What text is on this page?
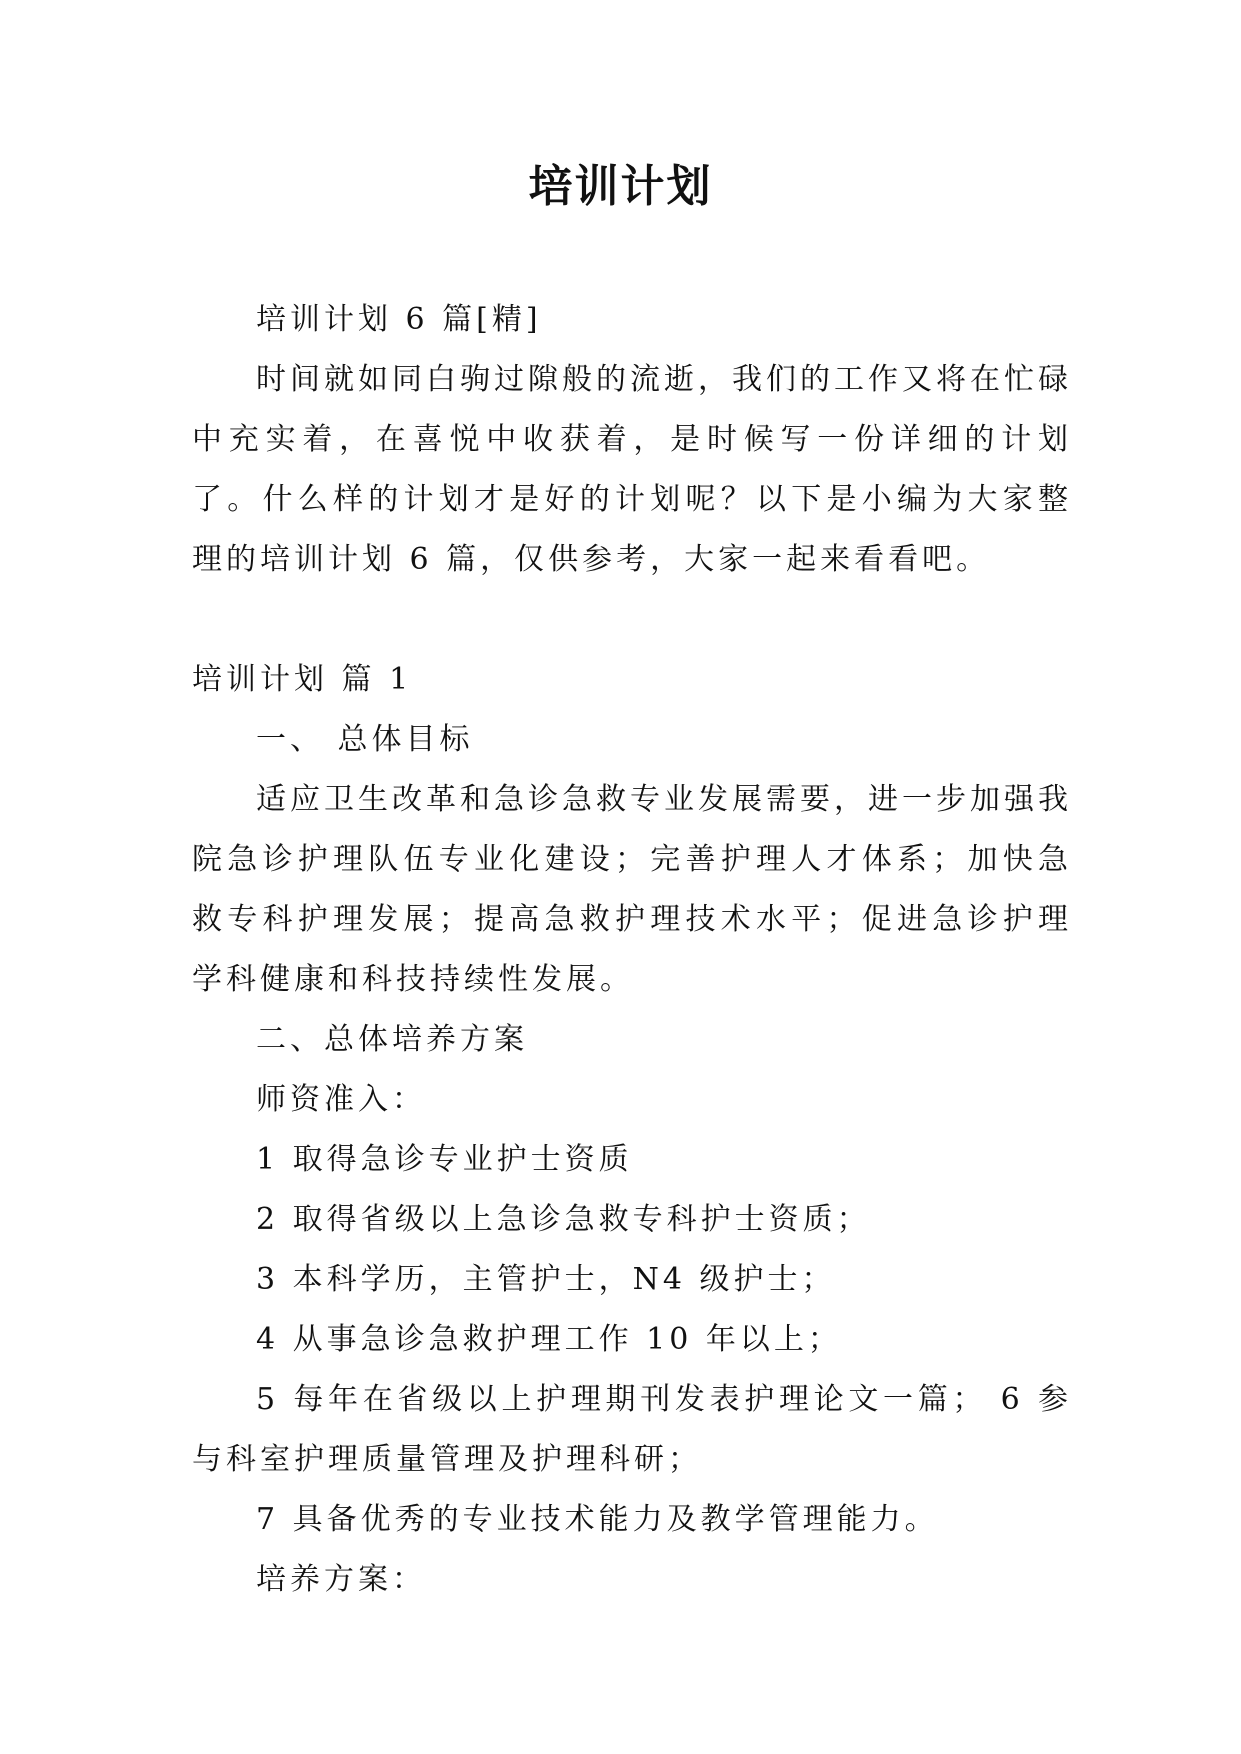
培训计划

培训计划 6 篇[精]

时间就如同白驹过隙般的流逝，我们的工作又将在忙碌中充实着，在喜悦中收获着，是时候写一份详细的计划了。什么样的计划才是好的计划呢？以下是小编为大家整理的培训计划 6 篇，仅供参考，大家一起来看看吧。

培训计划 篇 1

一、 总体目标

适应卫生改革和急诊急救专业发展需要，进一步加强我院急诊护理队伍专业化建设；完善护理人才体系；加快急救专科护理发展；提高急救护理技术水平；促进急诊护理学科健康和科技持续性发展。

二、总体培养方案

师资准入：

1 取得急诊专业护士资质

2 取得省级以上急诊急救专科护士资质；

3 本科学历，主管护士，N4 级护士；

4 从事急诊急救护理工作 10 年以上；

5 每年在省级以上护理期刊发表护理论文一篇； 6 参与科室护理质量管理及护理科研；

7 具备优秀的专业技术能力及教学管理能力。

培养方案：
